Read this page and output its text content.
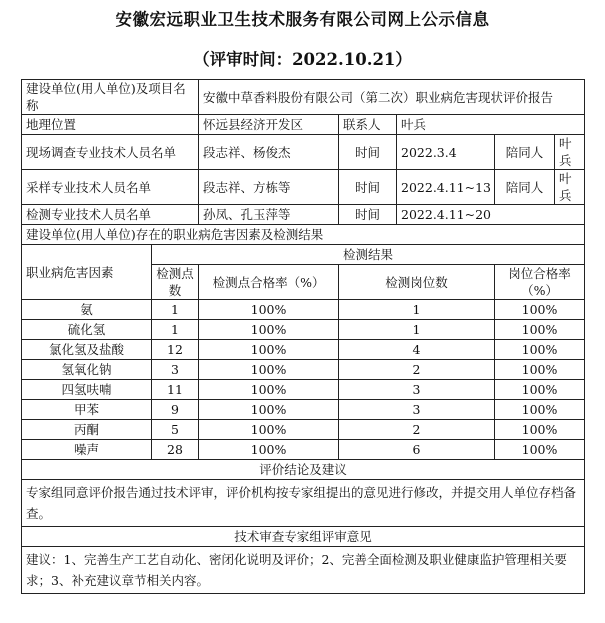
安徽宏远职业卫生技术服务有限公司网上公示信息
（评审时间：2022.10.21）
建设单位(用人单位)及项目名称		安徽中草香料股份有限公司（第二次）职业病危害现状评价报告				
地理位置		怀远县经济开发区	联系人	叶兵		
现场调查专业技术人员名单		段志祥、杨俊杰	时间	2022.3.4	陪同人	叶兵
采样专业技术人员名单		段志祥、方栋等	时间	2022.4.11~13	陪同人	叶兵
检测专业技术人员名单		孙凤、孔玉萍等	时间	2022.4.11~20		
建设单位(用人单位)存在的职业病危害因素及检测结果						
职业病危害因素	检测结果					
	检测点数	检测点合格率（%）	检测岗位数		岗位合格率（%）	
氨	1	100%	1		100%	
硫化氢	1	100%	1		100%	
氯化氢及盐酸	12	100%	4		100%	
氢氧化钠	3	100%	2		100%	
四氢呋喃	11	100%	3		100%	
甲苯	9	100%	3		100%	
丙酮	5	100%	2		100%	
噪声	28	100%	6		100%	
评价结论及建议						
专家组同意评价报告通过技术评审，评价机构按专家组提出的意见进行修改，并提交用人单位存档备查。						
技术审查专家组评审意见						
建议：1、完善生产工艺自动化、密闭化说明及评价；2、完善全面检测及职业健康监护管理相关要求；3、补充建议章节相关内容。						
